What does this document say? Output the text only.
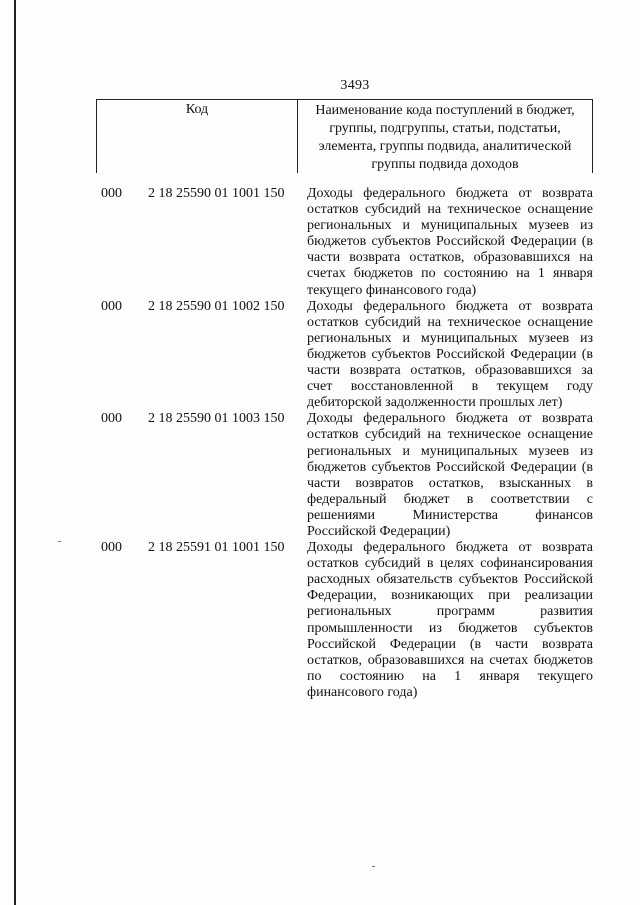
3493
Код	Наименование кода поступлений в бюджет, группы, подгруппы, статьи, подстатьи, элемента, группы подвида, аналитической группы подвида доходов
000	2 18 25590 01 1001 150	Доходы федерального бюджета от возврата остатков субсидий на техническое оснащение региональных и муниципальных музеев из бюджетов субъектов Российской Федерации (в части возврата остатков, образовавшихся на счетах бюджетов по состоянию на 1 января текущего финансового года)
000	2 18 25590 01 1002 150	Доходы федерального бюджета от возврата остатков субсидий на техническое оснащение региональных и муниципальных музеев из бюджетов субъектов Российской Федерации (в части возврата остатков, образовавшихся за счет восстановленной в текущем году дебиторской задолженности прошлых лет)
000	2 18 25590 01 1003 150	Доходы федерального бюджета от возврата остатков субсидий на техническое оснащение региональных и муниципальных музеев из бюджетов субъектов Российской Федерации (в части возвратов остатков, взысканных в федеральный бюджет в соответствии с решениями Министерства финансов Российской Федерации)
000	2 18 25591 01 1001 150	Доходы федерального бюджета от возврата остатков субсидий в целях софинансирования расходных обязательств субъектов Российской Федерации, возникающих при реализации региональных программ развития промышленности из бюджетов субъектов Российской Федерации (в части возврата остатков, образовавшихся на счетах бюджетов по состоянию на 1 января текущего финансового года)
